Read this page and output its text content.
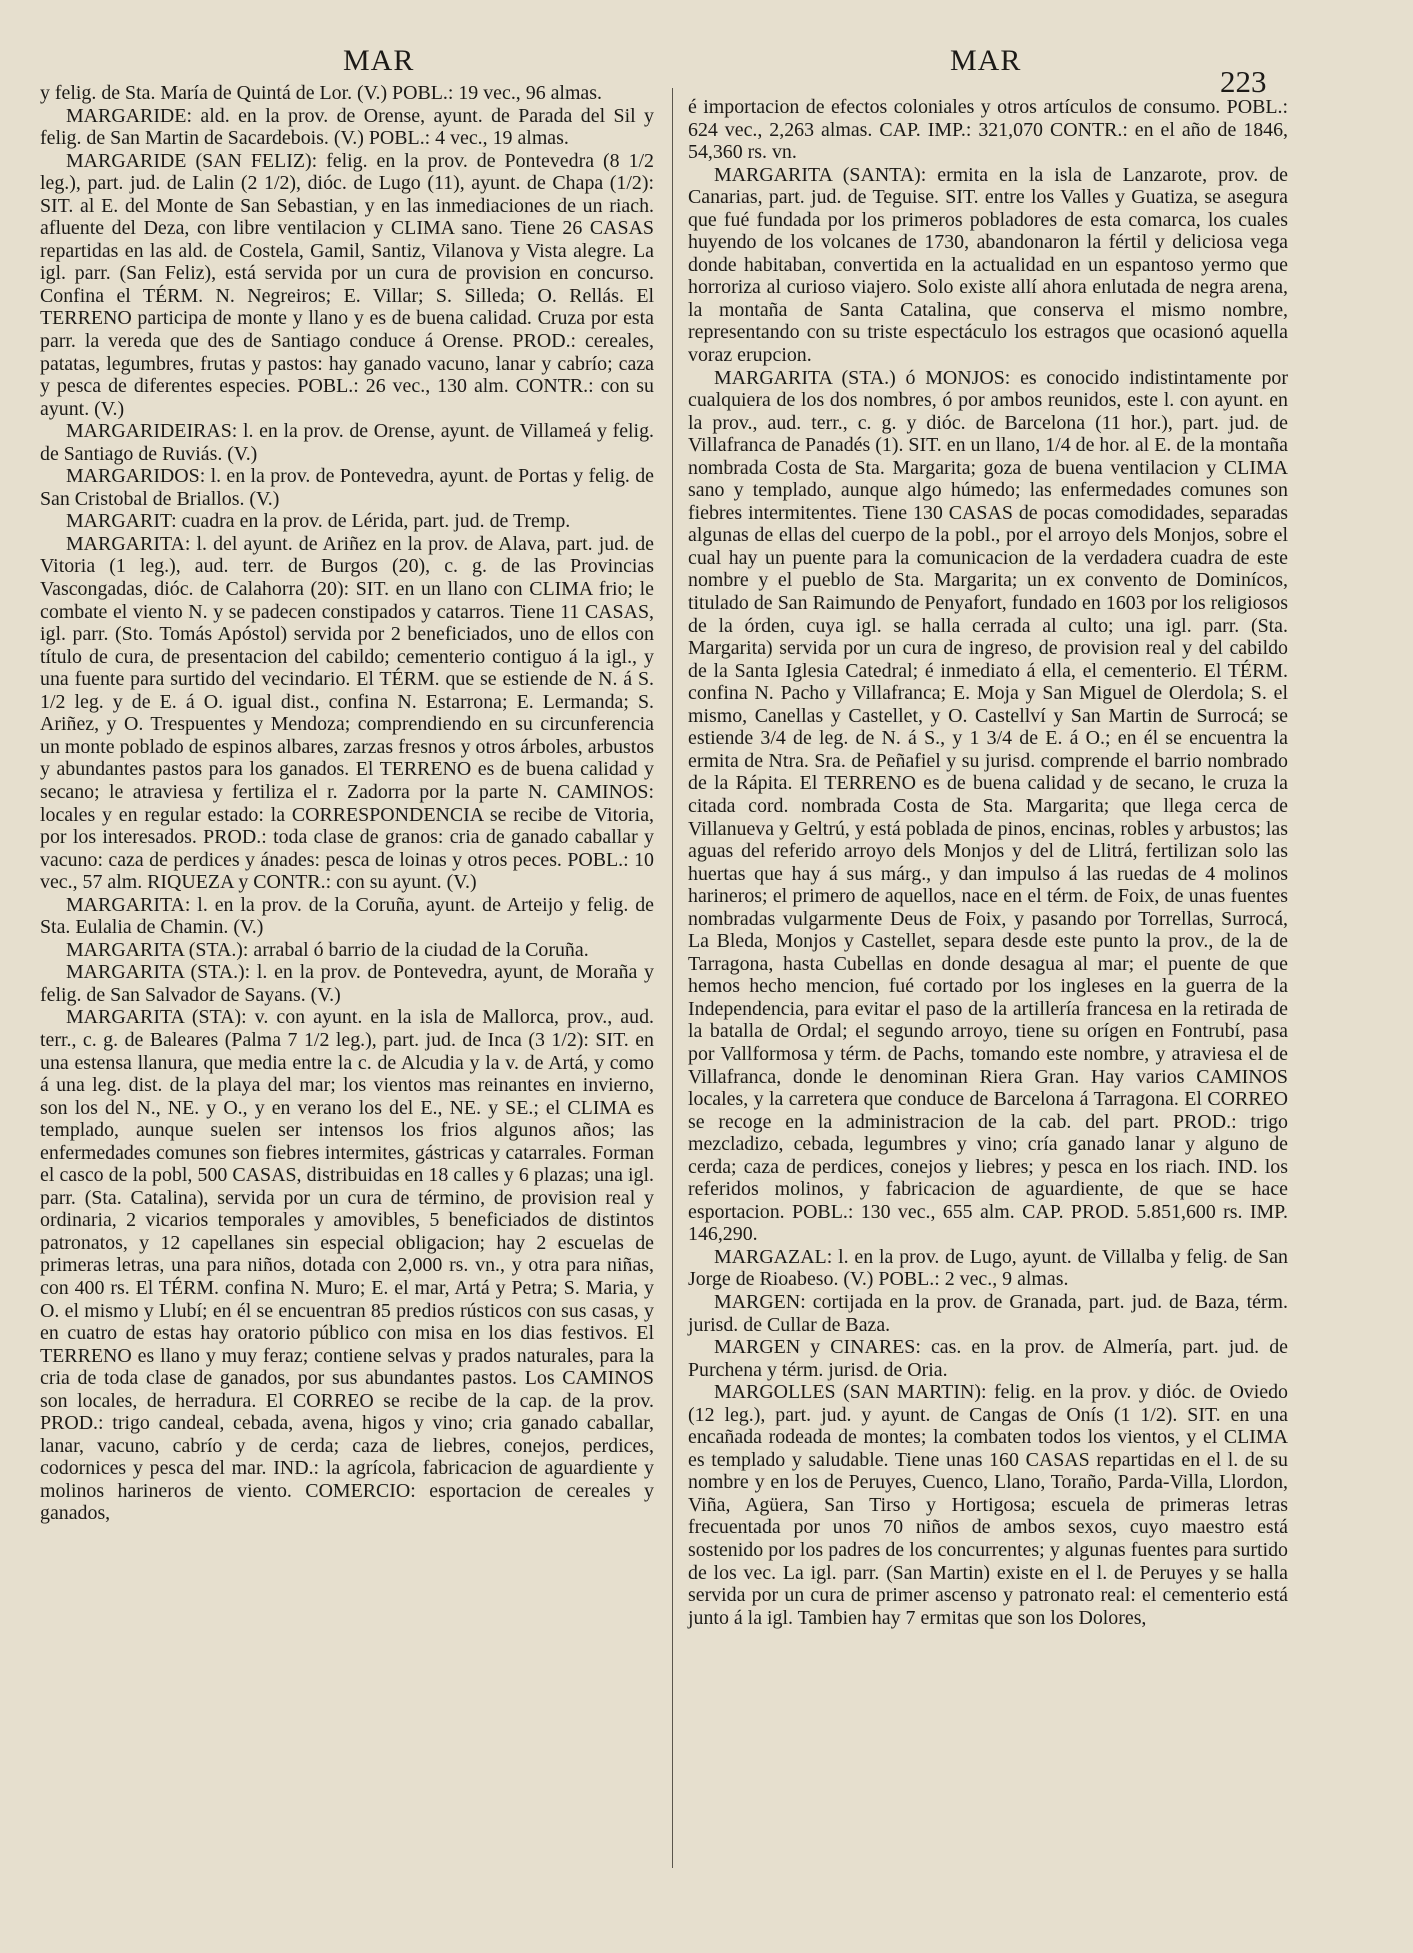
MAR	MAR
223

y felig. de Sta. María de Quintá de Lor. (V.) POBL.: 19 vec., 96 almas.

MARGARIDE: ald. en la prov. de Orense, ayunt. de Parada del Sil y felig. de San Martin de Sacardebois. (V.) POBL.: 4 vec., 19 almas.

MARGARIDE (SAN FELIZ): felig. en la prov. de Pontevedra (8 1/2 leg.), part. jud. de Lalin (2 1/2), dióc. de Lugo (11), ayunt. de Chapa (1/2): SIT. al E. del Monte de San Sebastian, y en las inmediaciones de un riach. afluente del Deza, con libre ventilacion y CLIMA sano. Tiene 26 CASAS repartidas en las ald. de Costela, Gamil, Santiz, Vilanova y Vista alegre. La igl. parr. (San Feliz), está servida por un cura de provision en concurso. Confina el TÉRM. N. Negreiros; E. Villar; S. Silleda; O. Rellás. El TERRENO participa de monte y llano y es de buena calidad. Cruza por esta parr. la vereda que des de Santiago conduce á Orense. PROD.: cereales, patatas, legumbres, frutas y pastos: hay ganado vacuno, lanar y cabrío; caza y pesca de diferentes especies. POBL.: 26 vec., 130 alm. CONTR.: con su ayunt. (V.)

MARGARIDEIRAS: l. en la prov. de Orense, ayunt. de Villameá y felig. de Santiago de Ruviás. (V.)

MARGARIDOS: l. en la prov. de Pontevedra, ayunt. de Portas y felig. de San Cristobal de Briallos. (V.)

MARGARIT: cuadra en la prov. de Lérida, part. jud. de Tremp.

MARGARITA: l. del ayunt. de Ariñez en la prov. de Alava, part. jud. de Vitoria (1 leg.), aud. terr. de Burgos (20), c. g. de las Provincias Vascongadas, dióc. de Calahorra (20): SIT. en un llano con CLIMA frio; le combate el viento N. y se padecen constipados y catarros. Tiene 11 CASAS, igl. parr. (Sto. Tomás Apóstol) servida por 2 beneficiados, uno de ellos con título de cura, de presentacion del cabildo; cementerio contiguo á la igl., y una fuente para surtido del vecindario. El TÉRM. que se estiende de N. á S. 1/2 leg. y de E. á O. igual dist., confina N. Estarrona; E. Lermanda; S. Ariñez, y O. Trespuentes y Mendoza; comprendiendo en su circunferencia un monte poblado de espinos albares, zarzas fresnos y otros árboles, arbustos y abundantes pastos para los ganados. El TERRENO es de buena calidad y secano; le atraviesa y fertiliza el r. Zadorra por la parte N. CAMINOS: locales y en regular estado: la CORRESPONDENCIA se recibe de Vitoria, por los interesados. PROD.: toda clase de granos: cria de ganado caballar y vacuno: caza de perdices y ánades: pesca de loinas y otros peces. POBL.: 10 vec., 57 alm. RIQUEZA y CONTR.: con su ayunt. (V.)

MARGARITA: l. en la prov. de la Coruña, ayunt. de Arteijo y felig. de Sta. Eulalia de Chamin. (V.)

MARGARITA (STA.): arrabal ó barrio de la ciudad de la Coruña.

MARGARITA (STA.): l. en la prov. de Pontevedra, ayunt, de Moraña y felig. de San Salvador de Sayans. (V.)

MARGARITA (STA): v. con ayunt. en la isla de Mallorca, prov., aud. terr., c. g. de Baleares (Palma 7 1/2 leg.), part. jud. de Inca (3 1/2): SIT. en una estensa llanura, que media entre la c. de Alcudia y la v. de Artá, y como á una leg. dist. de la playa del mar; los vientos mas reinantes en invierno, son los del N., NE. y O., y en verano los del E., NE. y SE.; el CLIMA es templado, aunque suelen ser intensos los frios algunos años; las enfermedades comunes son fiebres intermites, gástricas y catarrales. Forman el casco de la pobl, 500 CASAS, distribuidas en 18 calles y 6 plazas; una igl. parr. (Sta. Catalina), servida por un cura de término, de provision real y ordinaria, 2 vicarios temporales y amovibles, 5 beneficiados de distintos patronatos, y 12 capellanes sin especial obligacion; hay 2 escuelas de primeras letras, una para niños, dotada con 2,000 rs. vn., y otra para niñas, con 400 rs. El TÉRM. confina N. Muro; E. el mar, Artá y Petra; S. Maria, y O. el mismo y Llubí; en él se encuentran 85 predios rústicos con sus casas, y en cuatro de estas hay oratorio público con misa en los dias festivos. El TERRENO es llano y muy feraz; contiene selvas y prados naturales, para la cria de toda clase de ganados, por sus abundantes pastos. Los CAMINOS son locales, de herradura. El CORREO se recibe de la cap. de la prov. PROD.: trigo candeal, cebada, avena, higos y vino; cria ganado caballar, lanar, vacuno, cabrío y de cerda; caza de liebres, conejos, perdices, codornices y pesca del mar. IND.: la agrícola, fabricacion de aguardiente y molinos harineros de viento. COMERCIO: esportacion de cereales y ganados,

é importacion de efectos coloniales y otros artículos de consumo. POBL.: 624 vec., 2,263 almas. CAP. IMP.: 321,070 CONTR.: en el año de 1846, 54,360 rs. vn.

MARGARITA (SANTA): ermita en la isla de Lanzarote, prov. de Canarias, part. jud. de Teguise. SIT. entre los Valles y Guatiza, se asegura que fué fundada por los primeros pobladores de esta comarca, los cuales huyendo de los volcanes de 1730, abandonaron la fértil y deliciosa vega donde habitaban, convertida en la actualidad en un espantoso yermo que horroriza al curioso viajero. Solo existe allí ahora enlutada de negra arena, la montaña de Santa Catalina, que conserva el mismo nombre, representando con su triste espectáculo los estragos que ocasionó aquella voraz erupcion.

MARGARITA (STA.) ó MONJOS: es conocido indistintamente por cualquiera de los dos nombres, ó por ambos reunidos, este l. con ayunt. en la prov., aud. terr., c. g. y dióc. de Barcelona (11 hor.), part. jud. de Villafranca de Panadés (1). SIT. en un llano, 1/4 de hor. al E. de la montaña nombrada Costa de Sta. Margarita; goza de buena ventilacion y CLIMA sano y templado, aunque algo húmedo; las enfermedades comunes son fiebres intermitentes. Tiene 130 CASAS de pocas comodidades, separadas algunas de ellas del cuerpo de la pobl., por el arroyo dels Monjos, sobre el cual hay un puente para la comunicacion de la verdadera cuadra de este nombre y el pueblo de Sta. Margarita; un ex convento de Dominícos, titulado de San Raimundo de Penyafort, fundado en 1603 por los religiosos de la órden, cuya igl. se halla cerrada al culto; una igl. parr. (Sta. Margarita) servida por un cura de ingreso, de provision real y del cabildo de la Santa Iglesia Catedral; é inmediato á ella, el cementerio. El TÉRM. confina N. Pacho y Villafranca; E. Moja y San Miguel de Olerdola; S. el mismo, Canellas y Castellet, y O. Castellví y San Martin de Surrocá; se estiende 3/4 de leg. de N. á S., y 1 3/4 de E. á O.; en él se encuentra la ermita de Ntra. Sra. de Peñafiel y su jurisd. comprende el barrio nombrado de la Rápita. El TERRENO es de buena calidad y de secano, le cruza la citada cord. nombrada Costa de Sta. Margarita; que llega cerca de Villanueva y Geltrú, y está poblada de pinos, encinas, robles y arbustos; las aguas del referido arroyo dels Monjos y del de Llitrá, fertilizan solo las huertas que hay á sus márg., y dan impulso á las ruedas de 4 molinos harineros; el primero de aquellos, nace en el térm. de Foix, de unas fuentes nombradas vulgarmente Deus de Foix, y pasando por Torrellas, Surrocá, La Bleda, Monjos y Castellet, separa desde este punto la prov., de la de Tarragona, hasta Cubellas en donde desagua al mar; el puente de que hemos hecho mencion, fué cortado por los ingleses en la guerra de la Independencia, para evitar el paso de la artillería francesa en la retirada de la batalla de Ordal; el segundo arroyo, tiene su orígen en Fontrubí, pasa por Vallformosa y térm. de Pachs, tomando este nombre, y atraviesa el de Villafranca, donde le denominan Riera Gran. Hay varios CAMINOS locales, y la carretera que conduce de Barcelona á Tarragona. El CORREO se recoge en la administracion de la cab. del part. PROD.: trigo mezcladizo, cebada, legumbres y vino; cría ganado lanar y alguno de cerda; caza de perdices, conejos y liebres; y pesca en los riach. IND. los referidos molinos, y fabricacion de aguardiente, de que se hace esportacion. POBL.: 130 vec., 655 alm. CAP. PROD. 5.851,600 rs. IMP. 146,290.

MARGAZAL: l. en la prov. de Lugo, ayunt. de Villalba y felig. de San Jorge de Rioabeso. (V.) POBL.: 2 vec., 9 almas.

MARGEN: cortijada en la prov. de Granada, part. jud. de Baza, térm. jurisd. de Cullar de Baza.

MARGEN y CINARES: cas. en la prov. de Almería, part. jud. de Purchena y térm. jurisd. de Oria.

MARGOLLES (SAN MARTIN): felig. en la prov. y dióc. de Oviedo (12 leg.), part. jud. y ayunt. de Cangas de Onís (1 1/2). SIT. en una encañada rodeada de montes; la combaten todos los vientos, y el CLIMA es templado y saludable. Tiene unas 160 CASAS repartidas en el l. de su nombre y en los de Peruyes, Cuenco, Llano, Toraño, Parda-Villa, Llordon, Viña, Agüera, San Tirso y Hortigosa; escuela de primeras letras frecuentada por unos 70 niños de ambos sexos, cuyo maestro está sostenido por los padres de los concurrentes; y algunas fuentes para surtido de los vec. La igl. parr. (San Martin) existe en el l. de Peruyes y se halla servida por un cura de primer ascenso y patronato real: el cementerio está junto á la igl. Tambien hay 7 ermitas que son los Dolores,
